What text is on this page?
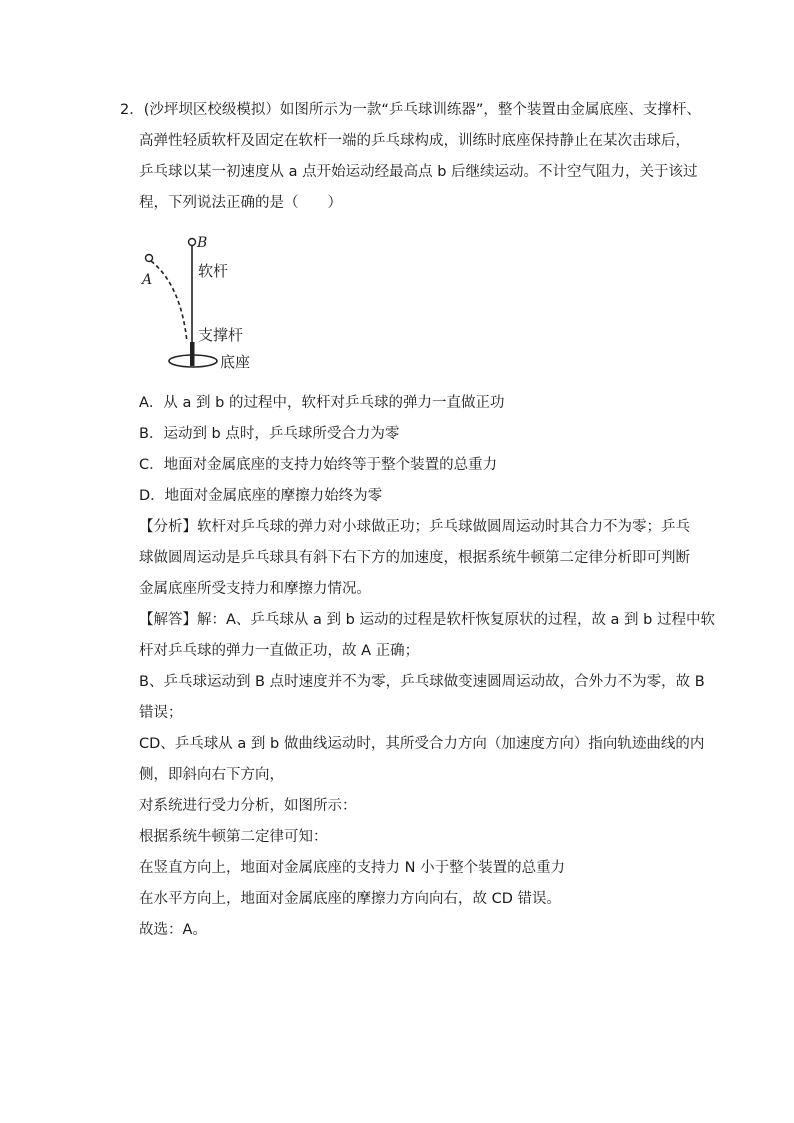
2．(沙坪坝区校级模拟）如图所示为一款“乒乓球训练器”，整个装置由金属底座、支撑杆、
高弹性轻质软杆及固定在软杆一端的乒乓球构成，训练时底座保持静止在某次击球后，
乒乓球以某一初速度从 a 点开始运动经最高点 b 后继续运动。不计空气阻力，关于该过
程，下列说法正确的是（　　）
B
A	软杆
支撑杆
底座
A．从 a 到 b 的过程中，软杆对乒乓球的弹力一直做正功
B．运动到 b 点时，乒乓球所受合力为零
C．地面对金属底座的支持力始终等于整个装置的总重力
D．地面对金属底座的摩擦力始终为零
【分析】软杆对乒乓球的弹力对小球做正功；乒乓球做圆周运动时其合力不为零；乒乓
球做圆周运动是乒乓球具有斜下右下方的加速度，根据系统牛顿第二定律分析即可判断
金属底座所受支持力和摩擦力情况。
【解答】解：A、乒乓球从 a 到 b 运动的过程是软杆恢复原状的过程，故 a 到 b 过程中软
杆对乒乓球的弹力一直做正功，故 A 正确；
B、乒乓球运动到 B 点时速度并不为零，乒乓球做变速圆周运动故，合外力不为零，故 B
错误；
CD、乒乓球从 a 到 b 做曲线运动时，其所受合力方向（加速度方向）指向轨迹曲线的内
侧，即斜向右下方向，
对系统进行受力分析，如图所示：
根据系统牛顿第二定律可知：
在竖直方向上，地面对金属底座的支持力 N 小于整个装置的总重力
在水平方向上，地面对金属底座的摩擦力方向向右，故 CD 错误。
故选：A。
